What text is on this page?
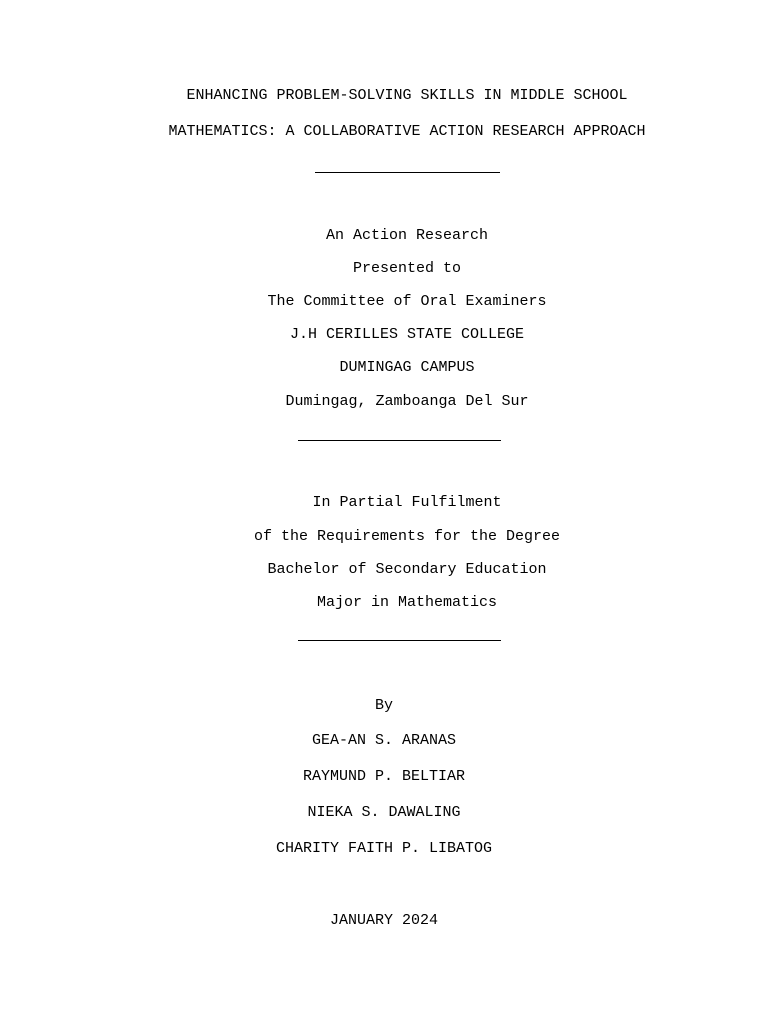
ENHANCING PROBLEM-SOLVING SKILLS IN MIDDLE SCHOOL
MATHEMATICS: A COLLABORATIVE ACTION RESEARCH APPROACH
An Action Research
Presented to
The Committee of Oral Examiners
J.H CERILLES STATE COLLEGE
DUMINGAG CAMPUS
Dumingag, Zamboanga Del Sur
In Partial Fulfilment
of the Requirements for the Degree
Bachelor of Secondary Education
Major in Mathematics
By
GEA-AN S. ARANAS
RAYMUND P. BELTIAR
NIEKA S. DAWALING
CHARITY FAITH P. LIBATOG
JANUARY 2024
